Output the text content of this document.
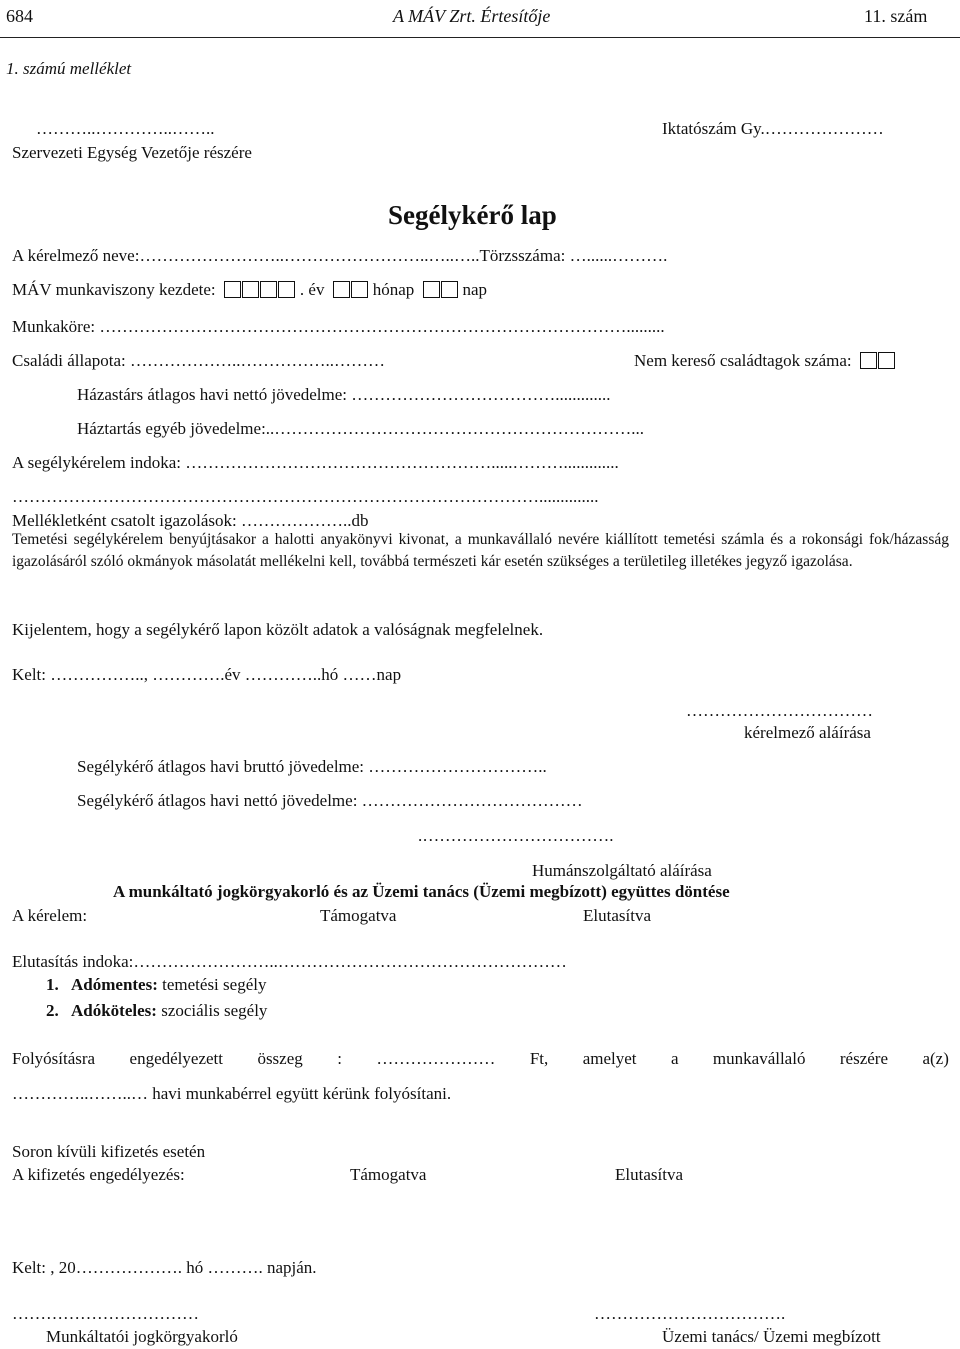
684	A MÁV Zrt. Értesítője	11. szám
1. számú melléklet
………..…………..……..
Szervezeti Egység Vezetője részére
Iktatószám Gy.…………………
Segélykérő lap
A kérelmező neve:……………………..……………………..…..…..Törzsszáma: …......……….
MÁV munkaviszony kezdete:	. év	hónap	nap
Munkaköre: ………………………………………………………………………………….........
Családi állapota: ………………..……………..………	Nem kereső családtagok száma:
Házastárs átlagos havi nettó jövedelme: ……………………………….............
Háztartás egyéb jövedelme:..………………………………………………………...
A segélykérelem indoka: ……………………………………………….....……….............
…………………………………………………………………………………..............
Mellékletként csatolt igazolások: ………………..db
Temetési segélykérelem benyújtásakor a halotti anyakönyvi kivonat, a munkavállaló nevére kiállított temetési számla és a rokonsági fok/házasság igazolásáról szóló okmányok másolatát mellékelni kell, továbbá természeti kár esetén szükséges a területileg illetékes jegyző igazolása.
Kijelentem, hogy a segélykérő lapon közölt adatok a valóságnak megfelelnek.
Kelt: …………….., ………….év …………..hó ……nap
……………………………
kérelmező aláírása
Segélykérő átlagos havi bruttó jövedelme: …………………………..
Segélykérő átlagos havi nettó jövedelme: …………………………………
.…………………………….
Humánszolgáltató aláírása
A munkáltató jogkörgyakorló és az Üzemi tanács (Üzemi megbízott) együttes döntése
A kérelem:	Támogatva	Elutasítva
Elutasítás indoka:……………………..……………………………………………
1. Adómentes: temetési segély
2. Adóköteles: szociális segély
Folyósításra engedélyezett összeg : ………………… Ft, amelyet a munkavállaló részére a(z)
…………..……..… havi munkabérrel együtt kérünk folyósítani.
Soron kívüli kifizetés esetén
A kifizetés engedélyezés:	Támogatva	Elutasítva
Kelt: , 20………………. hó ………. napján.
……………………………
Munkáltatói jogkörgyakorló
…………………………….
Üzemi tanács/ Üzemi megbízott
